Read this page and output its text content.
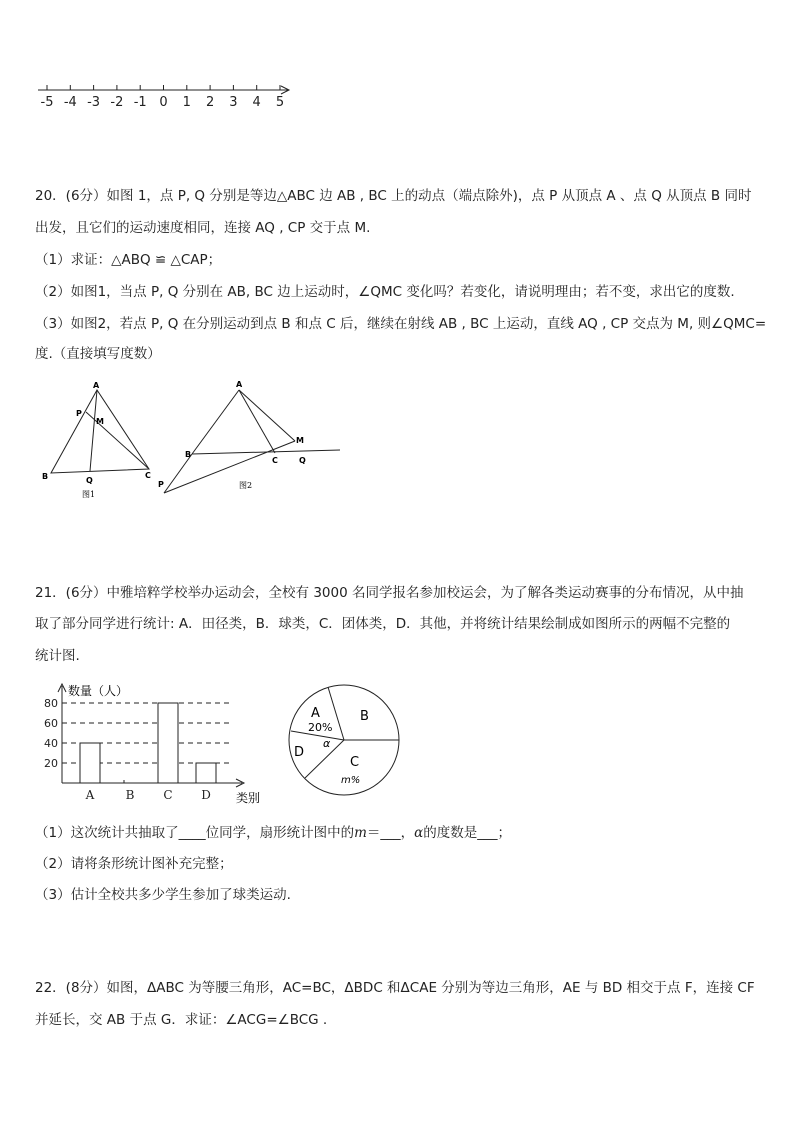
-5 -4 -3 -2 -1 0 1 2 3 4 5
20．(6分）如图 1，点 P, Q 分别是等边△ABC 边 AB , BC 上的动点（端点除外)，点 P 从顶点 A 、点 Q 从顶点 B 同时
出发，且它们的运动速度相同，连接 AQ , CP 交于点 M.
（1）求证：△ABQ ≌ △CAP；
（2）如图1，当点 P, Q 分别在 AB, BC 边上运动时，∠QMC 变化吗？若变化，请说明理由；若不变，求出它的度数.
（3）如图2，若点 P, Q 在分别运动到点 B 和点 C 后，继续在射线 AB , BC 上运动，直线 AQ , CP 交点为 M, 则∠QMC=
度.（直接填写度数）
A
P
M
B	Q
C
图1
A
M
B
C	Q
P	图2
21．(6分）中雅培粹学校举办运动会，全校有 3000 名同学报名参加校运会，为了解各类运动赛事的分布情况，从中抽
取了部分同学进行统计: A．田径类，B．球类，C．团体类，D．其他，并将统计结果绘制成如图所示的两幅不完整的
统计图.
数量（人）
类别
20
40
60
80
A	B C D
A
20%
B
C
m%
D
α
（1）这次统计共抽取了____位同学，扇形统计图中的m＝___，α的度数是___；
（2）请将条形统计图补充完整；
（3）估计全校共多少学生参加了球类运动.
22．(8分）如图，ΔABC 为等腰三角形，AC=BC，ΔBDC 和ΔCAE 分别为等边三角形，AE 与 BD 相交于点 F，连接 CF
并延长，交 AB 于点 G．求证：∠ACG=∠BCG .
